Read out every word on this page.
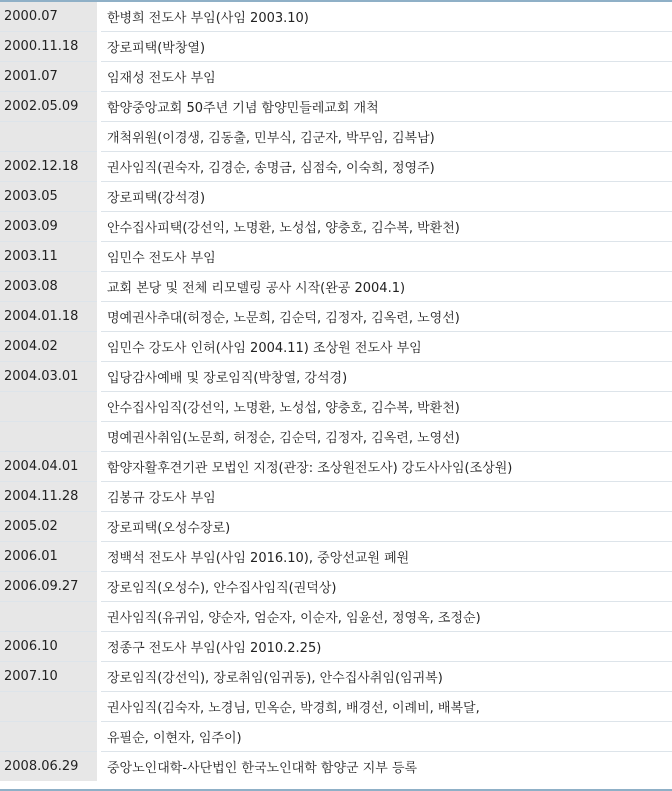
2000.07	한병희 전도사 부임(사임 2003.10)
2000.11.18	장로피택(박창열)
2001.07	임재성 전도사 부임
2002.05.09	함양중앙교회 50주년 기념 함양민들레교회 개척
	개척위원(이경생, 김동출, 민부식, 김군자, 박무임, 김복남)
2002.12.18	권사임직(권숙자, 김경순, 송명금, 심점숙, 이숙희, 정영주)
2003.05	장로피택(강석경)
2003.09	안수집사피택(강선익, 노명환, 노성섭, 양충호, 김수복, 박환천)
2003.11	임민수 전도사 부임
2003.08	교회 본당 및 전체 리모델링 공사 시작(완공 2004.1)
2004.01.18	명예권사추대(허정순, 노문희, 김순덕, 김정자, 김옥련, 노영선)
2004.02	임민수 강도사 인허(사임 2004.11) 조상원 전도사 부임
2004.03.01	입당감사예배 및 장로임직(박창열, 강석경)
	안수집사임직(강선익, 노명환, 노성섭, 양충호, 김수복, 박환천)
	명예권사취임(노문희, 허정순, 김순덕, 김정자, 김옥련, 노영선)
2004.04.01	함양자활후견기관 모법인 지정(관장: 조상원전도사) 강도사사임(조상원)
2004.11.28	김봉규 강도사 부임
2005.02	장로피택(오성수장로)
2006.01	정백석 전도사 부임(사임 2016.10), 중앙선교원 폐원
2006.09.27	장로임직(오성수), 안수집사임직(권덕상)
	권사임직(유귀임, 양순자, 엄순자, 이순자, 임윤선, 정영옥, 조정순)
2006.10	정종구 전도사 부임(사임 2010.2.25)
2007.10	장로임직(강선익), 장로취임(임귀동), 안수집사취임(임귀복)
	권사임직(김숙자, 노경님, 민옥순, 박경희, 배경선, 이례비, 배복달,
	유필순, 이현자, 임주이)
2008.06.29	중앙노인대학-사단법인 한국노인대학 함양군 지부 등록
